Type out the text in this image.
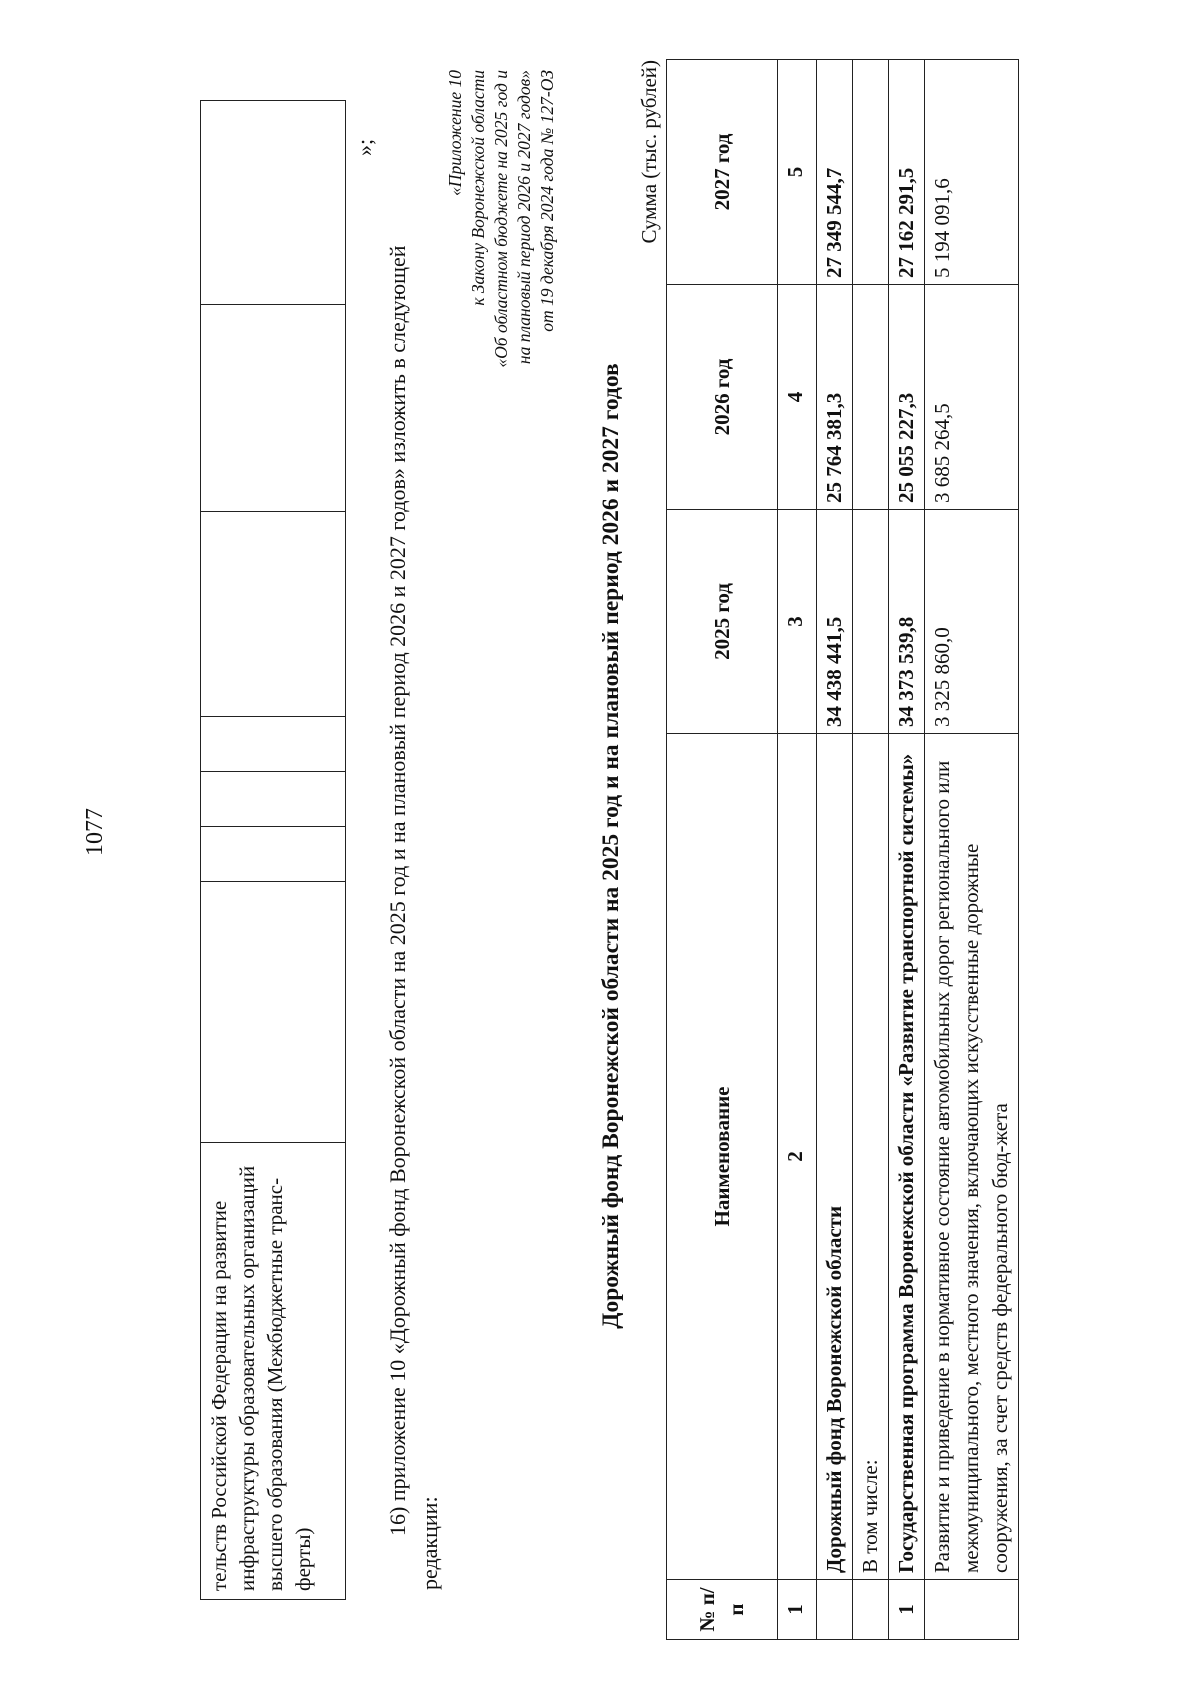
1077
тельств Российской Федерации на развитие инфраструктуры образовательных организаций высшего образования (Межбюджетные транс-ферты)
»;
16) приложение 10 «Дорожный фонд Воронежской области на 2025 год и на плановый период 2026 и 2027 годов» изложить в следующей редакции:
«Приложение 10 к Закону Воронежской области «Об областном бюджете на 2025 год и на плановый период 2026 и 2027 годов» от 19 декабря 2024 года № 127-ОЗ
Дорожный фонд Воронежской области на 2025 год и на плановый период 2026 и 2027 годов
Сумма (тыс. рублей)
№ п/п	Наименование	2025 год	2026 год	2027 год
1	2	3	4	5
	Дорожный фонд Воронежской области	34 438 441,5	25 764 381,3	27 349 544,7
	В том числе:			
1	Государственная программа Воронежской области «Развитие транспортной системы»	34 373 539,8	25 055 227,3	27 162 291,5
	Развитие и приведение в нормативное состояние автомобильных дорог регионального или межмуниципального, местного значения, включающих искусственные дорожные сооружения, за счет средств федерального бюд-жета	3 325 860,0	3 685 264,5	5 194 091,6
